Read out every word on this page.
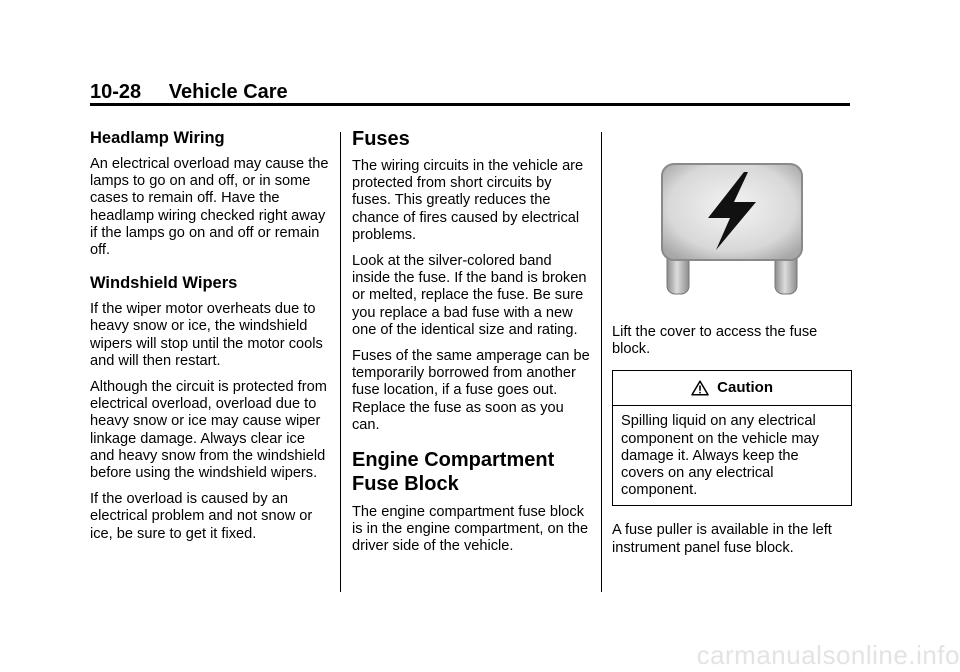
10-28 Vehicle Care
Headlamp Wiring

An electrical overload may cause the lamps to go on and off, or in some cases to remain off. Have the headlamp wiring checked right away if the lamps go on and off or remain off.

Windshield Wipers

If the wiper motor overheats due to heavy snow or ice, the windshield wipers will stop until the motor cools and will then restart.

Although the circuit is protected from electrical overload, overload due to heavy snow or ice may cause wiper linkage damage. Always clear ice and heavy snow from the windshield before using the windshield wipers.

If the overload is caused by an electrical problem and not snow or ice, be sure to get it fixed.

Fuses

The wiring circuits in the vehicle are protected from short circuits by fuses. This greatly reduces the chance of fires caused by electrical problems.

Look at the silver-colored band inside the fuse. If the band is broken or melted, replace the fuse. Be sure you replace a bad fuse with a new one of the identical size and rating.

Fuses of the same amperage can be temporarily borrowed from another fuse location, if a fuse goes out. Replace the fuse as soon as you can.

Engine Compartment Fuse Block

The engine compartment fuse block is in the engine compartment, on the driver side of the vehicle.

Lift the cover to access the fuse block.

Caution
Spilling liquid on any electrical component on the vehicle may damage it. Always keep the covers on any electrical component.

A fuse puller is available in the left instrument panel fuse block.

carmanualsonline.info
